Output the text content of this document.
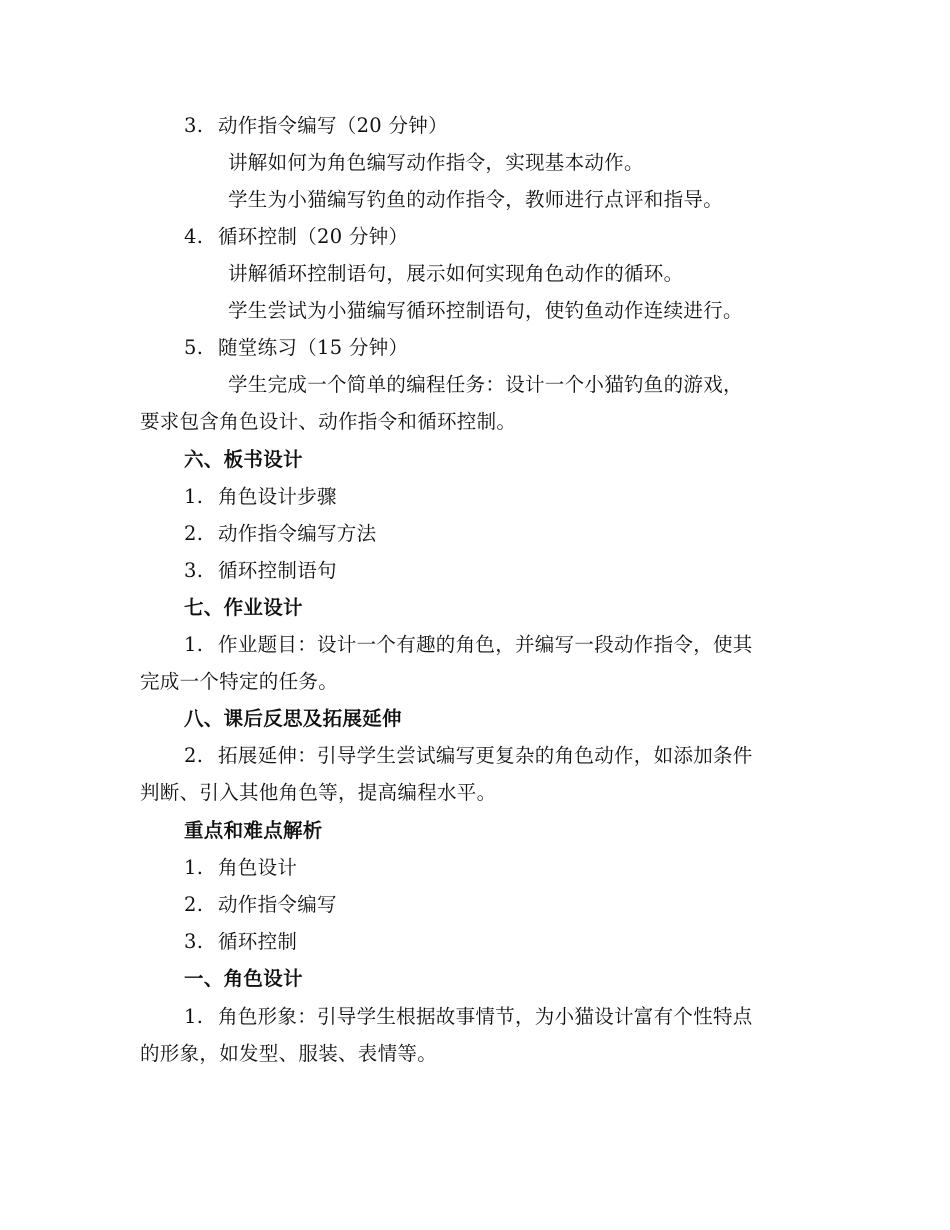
3. 动作指令编写（20 分钟）
讲解如何为角色编写动作指令，实现基本动作。
学生为小猫编写钓鱼的动作指令，教师进行点评和指导。
4. 循环控制（20 分钟）
讲解循环控制语句，展示如何实现角色动作的循环。
学生尝试为小猫编写循环控制语句，使钓鱼动作连续进行。
5. 随堂练习（15 分钟）
学生完成一个简单的编程任务：设计一个小猫钓鱼的游戏，
要求包含角色设计、动作指令和循环控制。
六、板书设计
1. 角色设计步骤
2. 动作指令编写方法
3. 循环控制语句
七、作业设计
1. 作业题目：设计一个有趣的角色，并编写一段动作指令，使其
完成一个特定的任务。
八、课后反思及拓展延伸
2. 拓展延伸：引导学生尝试编写更复杂的角色动作，如添加条件
判断、引入其他角色等，提高编程水平。
重点和难点解析
1. 角色设计
2. 动作指令编写
3. 循环控制
一、角色设计
1. 角色形象：引导学生根据故事情节，为小猫设计富有个性特点
的形象，如发型、服装、表情等。
